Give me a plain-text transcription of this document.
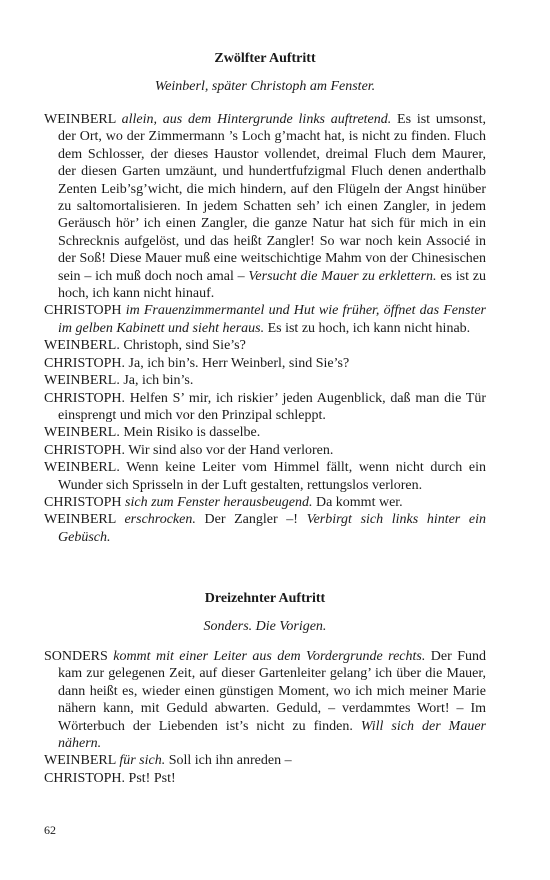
Zwölfter Auftritt
Weinberl, später Christoph am Fenster.

WEINBERL allein, aus dem Hintergrunde links auftretend. Es ist umsonst, der Ort, wo der Zimmermann ’s Loch g’macht hat, is nicht zu finden. Fluch dem Schlosser, der dieses Haustor vollendet, dreimal Fluch dem Maurer, der diesen Garten umzäunt, und hundertfufzigmal Fluch denen anderthalb Zenten Leib’sg’wicht, die mich hindern, auf den Flügeln der Angst hinüber zu saltomortalisieren. In jedem Schatten seh’ ich einen Zangler, in jedem Geräusch hör’ ich einen Zangler, die ganze Natur hat sich für mich in ein Schrecknis aufgelöst, und das heißt Zangler! So war noch kein Associé in der Soß! Diese Mauer muß eine weitschichtige Mahm von der Chinesischen sein – ich muß doch noch amal – Versucht die Mauer zu erklettern. es ist zu hoch, ich kann nicht hinauf.

CHRISTOPH im Frauenzimmermantel und Hut wie früher, öffnet das Fenster im gelben Kabinett und sieht heraus. Es ist zu hoch, ich kann nicht hinab.

WEINBERL. Christoph, sind Sie’s?

CHRISTOPH. Ja, ich bin’s. Herr Weinberl, sind Sie’s?

WEINBERL. Ja, ich bin’s.

CHRISTOPH. Helfen S’ mir, ich riskier’ jeden Augenblick, daß man die Tür einsprengt und mich vor den Prinzipal schleppt.

WEINBERL. Mein Risiko is dasselbe.

CHRISTOPH. Wir sind also vor der Hand verloren.

WEINBERL. Wenn keine Leiter vom Himmel fällt, wenn nicht durch ein Wunder sich Sprisseln in der Luft gestalten, rettungslos verloren.

CHRISTOPH sich zum Fenster herausbeugend. Da kommt wer.

WEINBERL erschrocken. Der Zangler –! Verbirgt sich links hinter ein Gebüsch.

Dreizehnter Auftritt
Sonders. Die Vorigen.

SONDERS kommt mit einer Leiter aus dem Vordergrunde rechts. Der Fund kam zur gelegenen Zeit, auf dieser Gartenleiter gelang’ ich über die Mauer, dann heißt es, wieder einen günstigen Moment, wo ich mich meiner Marie nähern kann, mit Geduld abwarten. Geduld, – verdammtes Wort! – Im Wörterbuch der Liebenden ist’s nicht zu finden. Will sich der Mauer nähern.

WEINBERL für sich. Soll ich ihn anreden –

CHRISTOPH. Pst! Pst!

62
